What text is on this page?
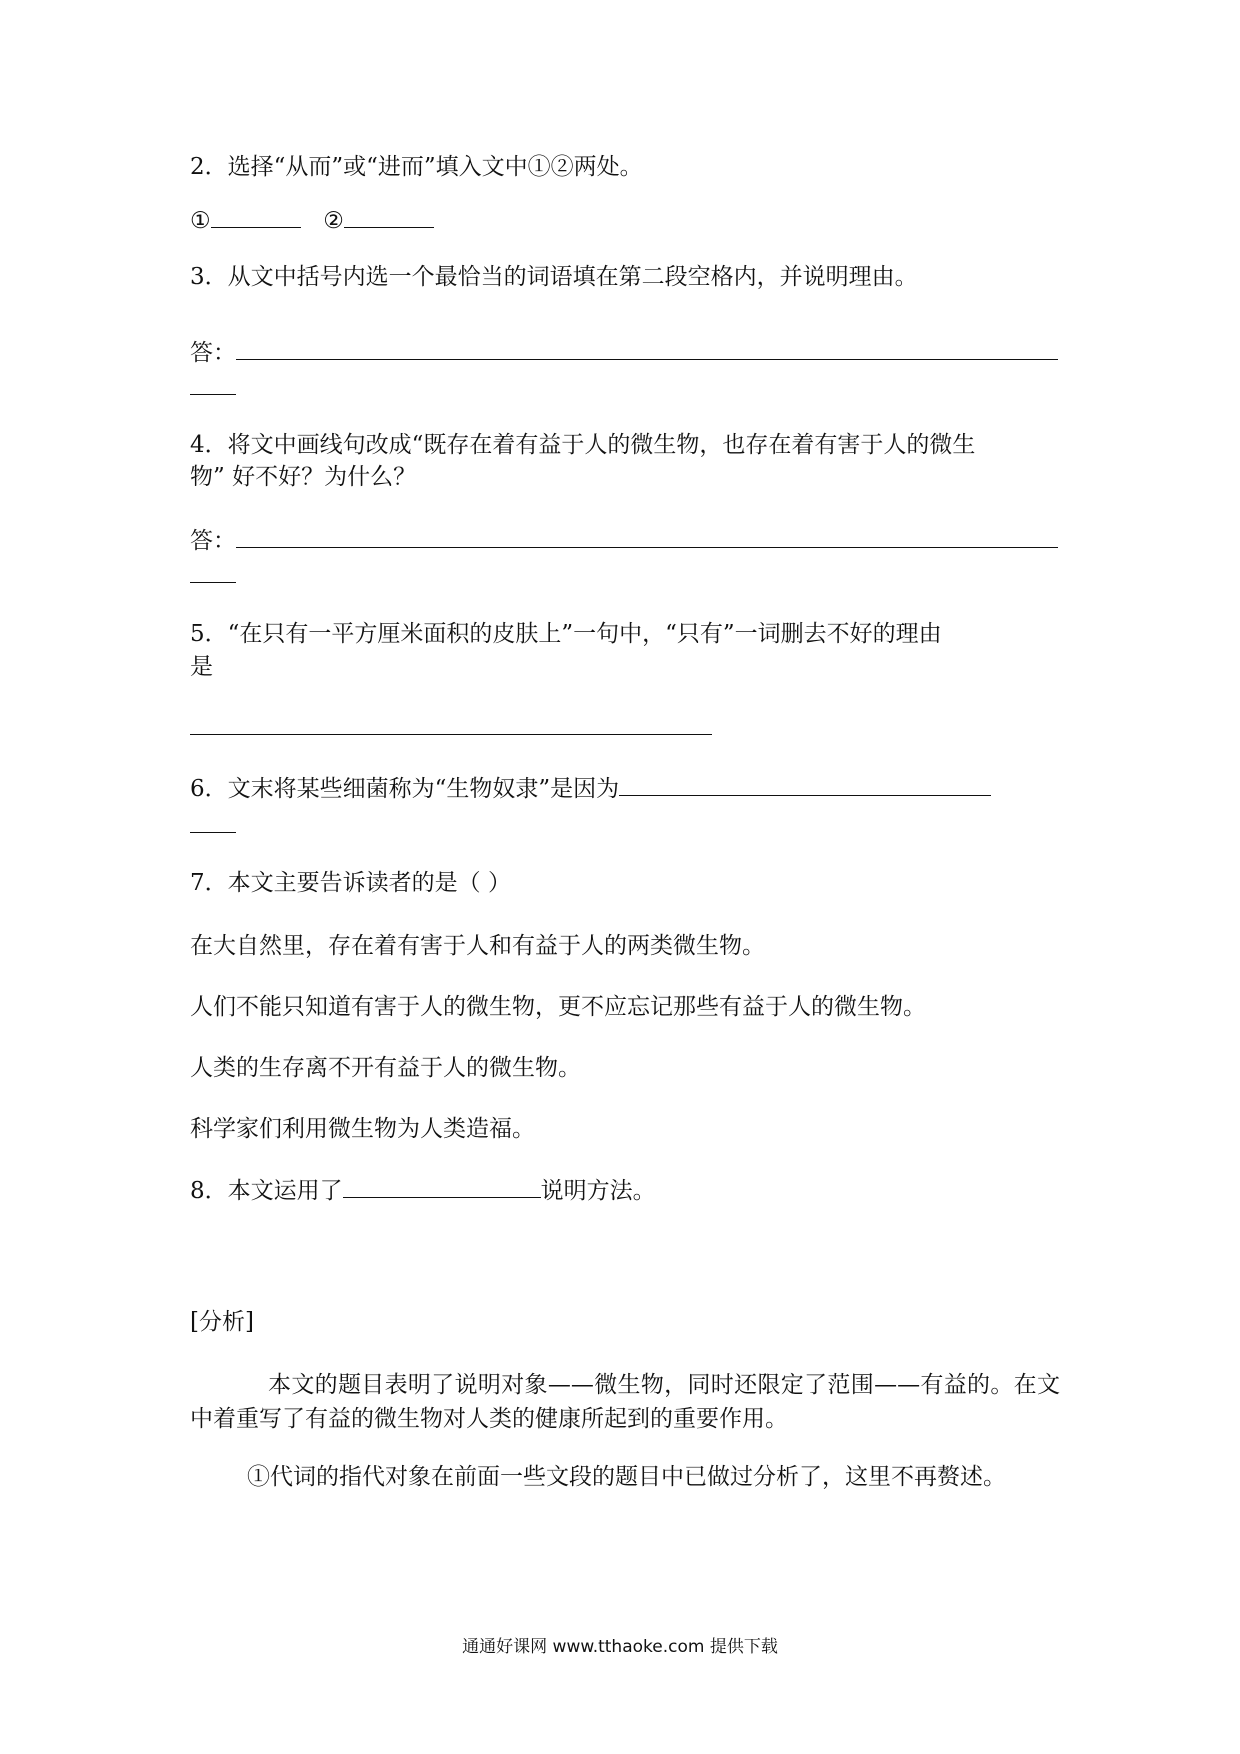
2．选择“从而”或“进而”填入文中①②两处。
①	②
3．从文中括号内选一个最恰当的词语填在第二段空格内，并说明理由。
答：
4．将文中画线句改成“既存在着有益于人的微生物，也存在着有害于人的微生
物” 好不好？为什么？
答：
5．“在只有一平方厘米面积的皮肤上”一句中，“只有”一词删去不好的理由
是
6．文末将某些细菌称为“生物奴隶”是因为
7．本文主要告诉读者的是（ ）
在大自然里，存在着有害于人和有益于人的两类微生物。
人们不能只知道有害于人的微生物，更不应忘记那些有益于人的微生物。
人类的生存离不开有益于人的微生物。
科学家们利用微生物为人类造福。
8．本文运用了	说明方法。
[分析]
本文的题目表明了说明对象——微生物，同时还限定了范围——有益的。在文中着重写了有益的微生物对人类的健康所起到的重要作用。
①代词的指代对象在前面一些文段的题目中已做过分析了，这里不再赘述。
通通好课网 www.tthaoke.com 提供下载
